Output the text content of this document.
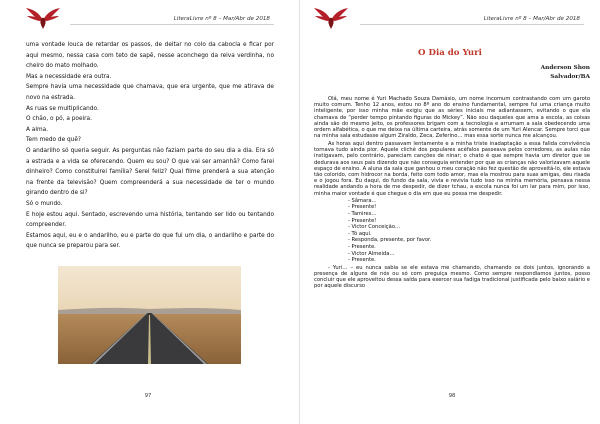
LiteraLivre nº 8 – Mar/Abr de 2018

uma vontade louca de retardar os passos, de deitar no colo da cabocla e ficar por aqui mesmo, nessa casa com teto de sapê, nesse aconchego da relva verdinha, no cheiro do mato molhado.

Mas a necessidade era outra.

Sempre havia uma necessidade que chamava, que era urgente, que me atirava de novo na estrada.

As ruas se multiplicando.

O chão, o pó, a poeira.

A alma.

Tem medo de quê?

O andarilho só queria seguir. As perguntas não faziam parte do seu dia a dia. Era só a estrada e a vida se oferecendo. Quem eu sou? O que vai ser amanhã? Como farei dinheiro? Como constituirei família? Serei feliz? Qual filme prenderá a sua atenção na frente da televisão? Quem compreenderá a sua necessidade de ter o mundo girando dentro de si?

Só o mundo.

E hoje estou aqui. Sentado, escrevendo uma história, tentando ser lido ou tentando compreender.

Estamos aqui, eu e o andarilho, eu e parte do que fui um dia, o andarilho e parte do que nunca se preparou para ser.

97
LiteraLivre nº 8 – Mar/Abr de 2018
O Dia do Yuri
Anderson Shon
Salvador/BA

Olá, meu nome é Yuri Machado Souza Damásio, um nome incomum contrastando com um garoto muito comum. Tenho 12 anos, estou no 8º ano do ensino fundamental, sempre fui uma criança muito inteligente, por isso minha mãe exigiu que as séries iniciais me adiantassem, evitando o que ela chamava de “perder tempo pintando figuras do Mickey”. Não sou daqueles que ama a escola, as coisas ainda são do mesmo jeito, os professores brigam com a tecnologia e arrumam a sala obedecendo uma ordem alfabética, o que me deixa na última carteira, atrás somente de um Yuri Alencar. Sempre torci que na minha sala estudasse algum Ziraldo, Zeca, Zeferino… mas essa sorte nunca me alcançou.

As horas aqui dentro passavam lentamente e a minha triste inadaptação a essa falida convivência tornava tudo ainda pior. Aquele clichê dos populares acéfalos passeava pelos corredores, as aulas não instigavam, pelo contrário, pareciam canções de ninar; o chato é que sempre havia um diretor que se dedurava aos seus pais dizendo que não conseguia entender por que as crianças não valorizavam aquele espaço de ensino. A aluna da sala que ganhou o meu coração não fez questão de aproveitá-lo, ele estava tão colorido, com hidrocor na borda, feito com todo amor, mas ela mostrou para suas amigas, deu risada e o jogou fora. Eu daqui, do fundo da sala, vivia e revivia tudo isso na minha memória, pensava nessa realidade andando a hora de me despedir, de dizer tchau, a escola nunca foi um lar para mim, por isso, minha maior vontade é que chegue o dia em que eu possa me despedir.

- Sâmara…
- Presente!
- Tamires…
- Presente!
- Victor Conceição…
- Tô aqui.
- Responda, presente, por favor.
- Presente.
- Victor Almeida…
- Presente.

- Yuri… – eu nunca sabia se ele estava me chamando, chamando os dois juntos, ignorando a presença de alguns de nós ou só com preguiça mesmo. Como sempre respondíamos juntos, posso concluir que ele aproveitou dessa saída para exercer sua fadiga tradicional justificada pelo baixo salário e por aquele discurso

98
